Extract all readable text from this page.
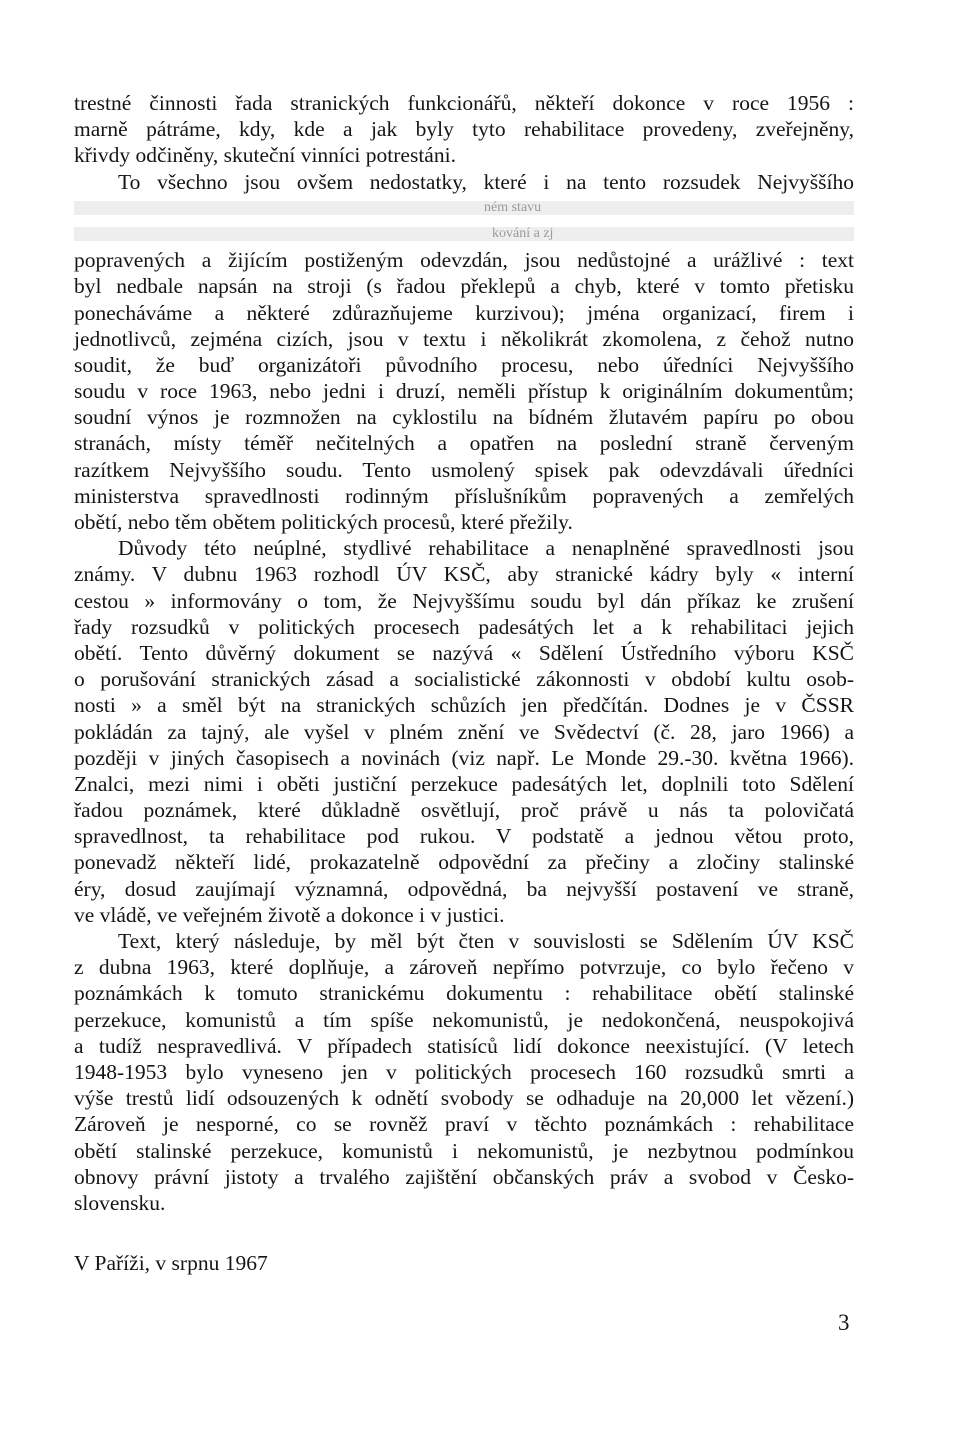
trestné činnosti řada stranických funkcionářů, někteří dokonce v roce 1956 :
marně pátráme, kdy, kde a jak byly tyto rehabilitace provedeny, zveřejněny,
křivdy odčiněny, skuteční vinníci potrestáni.
To všechno jsou ovšem nedostatky, které i na tento rozsudek Nejvyššího
ném stavu
kování a zj
popravených a žijícím postiženým odevzdán, jsou nedůstojné a urážlivé : text
byl nedbale napsán na stroji (s řadou překlepů a chyb, které v tomto přetisku
ponecháváme a některé zdůrazňujeme kurzivou); jména organizací, firem i
jednotlivců, zejména cizích, jsou v textu i několikrát zkomolena, z čehož nutno
soudit, že buď organizátoři původního procesu, nebo úředníci Nejvyššího
soudu v roce 1963, nebo jedni i druzí, neměli přístup k originálním dokumentům;
soudní výnos je rozmnožen na cyklostilu na bídném žlutavém papíru po obou
stranách, místy téměř nečitelných a opatřen na poslední straně červeným
razítkem Nejvyššího soudu. Tento usmolený spisek pak odevzdávali úředníci
ministerstva spravedlnosti rodinným příslušníkům popravených a zemřelých
obětí, nebo těm obětem politických procesů, které přežily.
Důvody této neúplné, stydlivé rehabilitace a nenaplněné spravedlnosti jsou
známy. V dubnu 1963 rozhodl ÚV KSČ, aby stranické kádry byly « interní
cestou » informovány o tom, že Nejvyššímu soudu byl dán příkaz ke zrušení
řady rozsudků v politických procesech padesátých let a k rehabilitaci jejich
obětí. Tento důvěrný dokument se nazývá « Sdělení Ústředního výboru KSČ
o porušování stranických zásad a socialistické zákonnosti v období kultu osob-
nosti » a směl být na stranických schůzích jen předčítán. Dodnes je v ČSSR
pokládán za tajný, ale vyšel v plném znění ve Svědectví (č. 28, jaro 1966) a
později v jiných časopisech a novinách (viz např. Le Monde 29.-30. května 1966).
Znalci, mezi nimi i oběti justiční perzekuce padesátých let, doplnili toto Sdělení
řadou poznámek, které důkladně osvětlují, proč právě u nás ta polovičatá
spravedlnost, ta rehabilitace pod rukou. V podstatě a jednou větou proto,
ponevadž někteří lidé, prokazatelně odpovědní za přečiny a zločiny stalinské
éry, dosud zaujímají významná, odpovědná, ba nejvyšší postavení ve straně,
ve vládě, ve veřejném životě a dokonce i v justici.
Text, který následuje, by měl být čten v souvislosti se Sdělením ÚV KSČ
z dubna 1963, které doplňuje, a zároveň nepřímo potvrzuje, co bylo řečeno v
poznámkách k tomuto stranickému dokumentu : rehabilitace obětí stalinské
perzekuce, komunistů a tím spíše nekomunistů, je nedokončená, neuspokojivá
a tudíž nespravedlivá. V případech statisíců lidí dokonce neexistující. (V letech
1948-1953 bylo vyneseno jen v politických procesech 160 rozsudků smrti a
výše trestů lidí odsouzených k odnětí svobody se odhaduje na 20,000 let vězení.)
Zároveň je nesporné, co se rovněž praví v těchto poznámkách : rehabilitace
obětí stalinské perzekuce, komunistů i nekomunistů, je nezbytnou podmínkou
obnovy právní jistoty a trvalého zajištění občanských práv a svobod v Česko-
slovensku.
V Paříži, v srpnu 1967
3
